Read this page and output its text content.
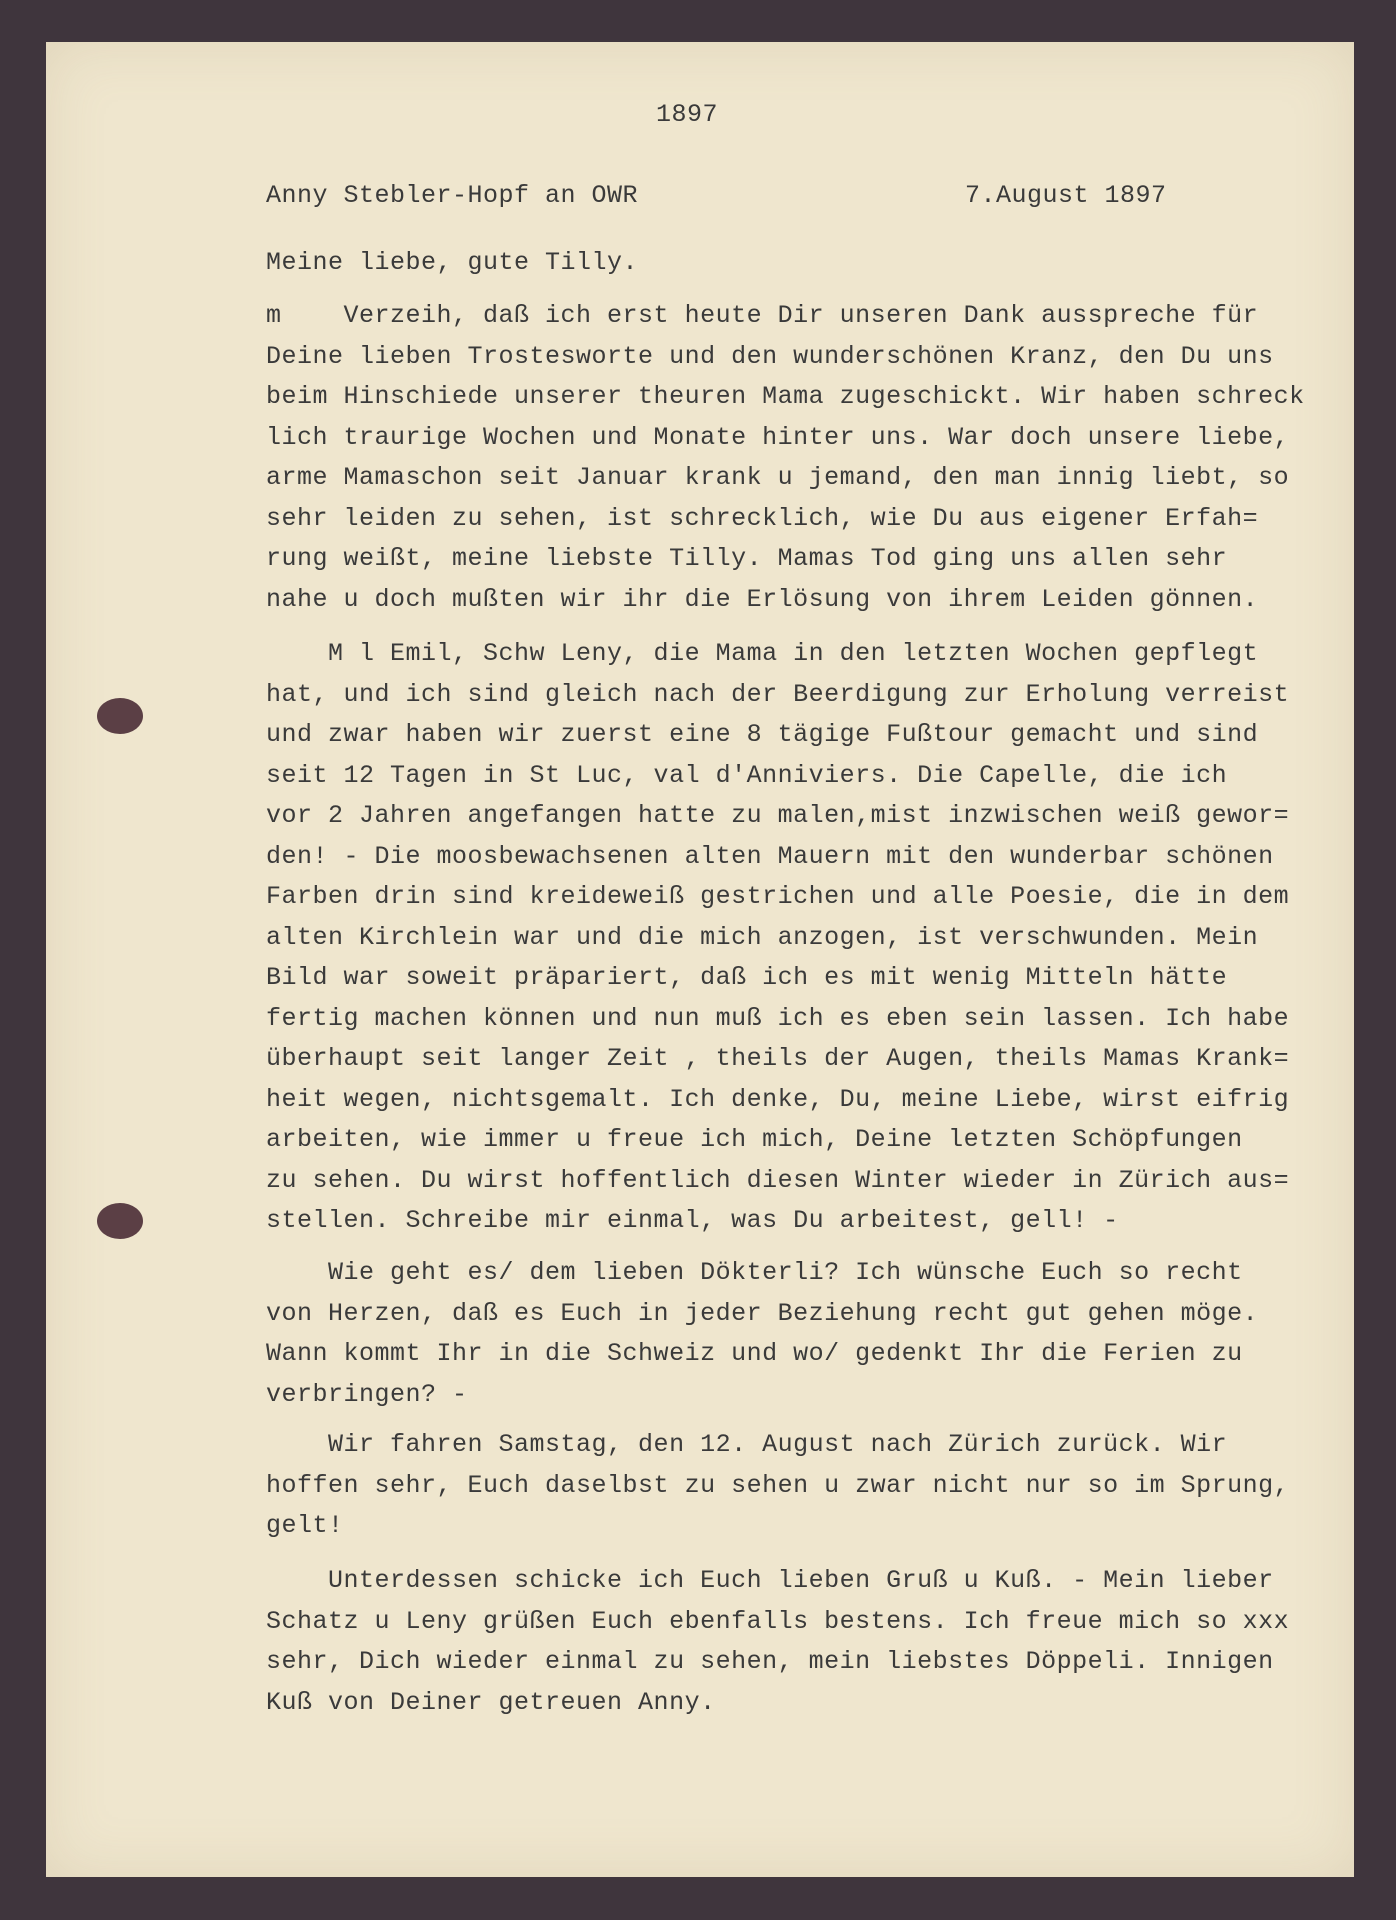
1897
Anny Stebler-Hopf an OWR	7.August 1897
Meine liebe, gute Tilly.
m    Verzeih, daß ich erst heute Dir unseren Dank ausspreche für
Deine lieben Trosteswortе und den wunderschönen Kranz, den Du uns
beim Hinschiede unserer theuren Mama zugeschickt. Wir haben schreck
lich traurige Wochen und Monate hinter uns. War doch unsere liebe,
arme Mamaschon seit Januar krank u jemand, den man innig liebt, so
sehr leiden zu sehen, ist schrecklich, wie Du aus eigener Erfah=
rung weißt, meine liebste Tilly. Mamas Tod ging uns allen sehr
nahe u doch mußten wir ihr die Erlösung von ihrem Leiden gönnen.
M l Emil, Schw Leny, die Mama in den letzten Wochen gepflegt
hat, und ich sind gleich nach der Beerdigung zur Erholung verreist
und zwar haben wir zuerst eine 8 tägige Fußtour gemacht und sind
seit 12 Tagen in St Luc, val d'Anniviers. Die Capelle, die ich
vor 2 Jahren angefangen hatte zu malen,mist inzwischen weiß gewor=
den! - Die moosbewachsenen alten Mauern mit den wunderbar schönen
Farben drin sind kreideweiß gestrichen und alle Poesie, die in dem
alten Kirchlein war und die mich anzogen, ist verschwunden. Mein
Bild war soweit präpariert, daß ich es mit wenig Mitteln hätte
fertig machen können und nun muß ich es eben sein lassen. Ich habe
überhaupt seit langer Zeit , theils der Augen, theils Mamas Krank=
heit wegen, nichtsgemalt. Ich denke, Du, meine Liebe, wirst eifrig
arbeiten, wie immer u freue ich mich, Deine letzten Schöpfungen
zu sehen. Du wirst hoffentlich diesen Winter wieder in Zürich aus=
stellen. Schreibe mir einmal, was Du arbeitest, gell! -
Wie geht es/ dem lieben Dökterli? Ich wünsche Euch so recht
von Herzen, daß es Euch in jeder Beziehung recht gut gehen möge.
Wann kommt Ihr in die Schweiz und wo/ gedenkt Ihr die Ferien zu
verbringen? -
Wir fahren Samstag, den 12. August nach Zürich zurück. Wir
hoffen sehr, Euch daselbst zu sehen u zwar nicht nur so im Sprung,
gelt!
Unterdessen schicke ich Euch lieben Gruß u Kuß. - Mein lieber
Schatz u Leny grüßen Euch ebenfalls bestens. Ich freue mich so xxx
sehr, Dich wieder einmal zu sehen, mein liebstes Döppeli. Innigen
Kuß von Deiner getreuen Anny.
